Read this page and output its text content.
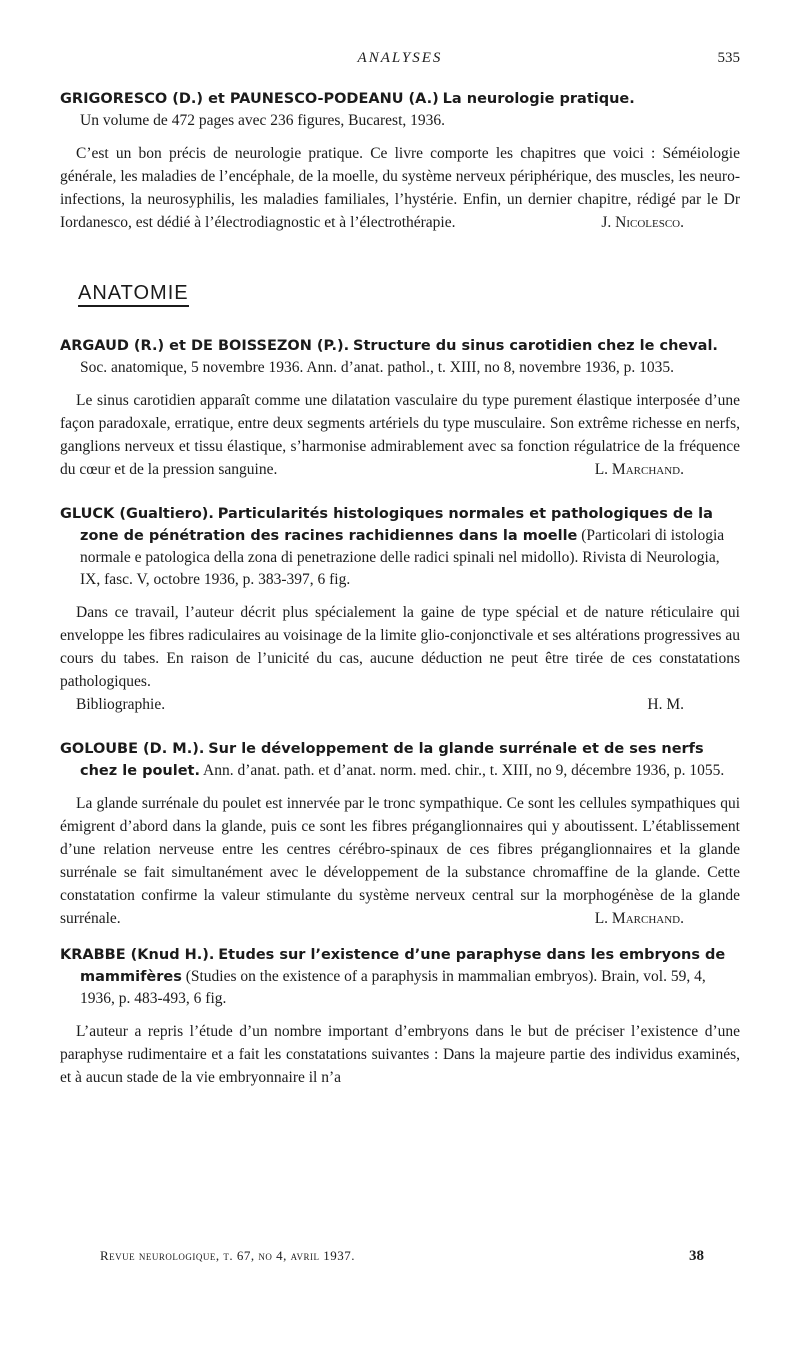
ANALYSES	535
GRIGORESCO (D.) et PAUNESCO-PODEANU (A.) La neurologie pratique.
Un volume de 472 pages avec 236 figures, Bucarest, 1936.
C’est un bon précis de neurologie pratique. Ce livre comporte les chapitres que voici : Séméiologie générale, les maladies de l’encéphale, de la moelle, du système nerveux périphérique, des muscles, les neuro-infections, la neurosyphilis, les maladies familiales, l’hystérie. Enfin, un dernier chapitre, rédigé par le Dr Iordanesco, est dédié à l’électrodiagnostic et à l’électrothérapie.	J. Nicolesco.
ANATOMIE
ARGAUD (R.) et DE BOISSEZON (P.). Structure du sinus carotidien chez le cheval. Soc. anatomique, 5 novembre 1936. Ann. d’anat. pathol., t. XIII, no 8, novembre 1936, p. 1035.
Le sinus carotidien apparaît comme une dilatation vasculaire du type purement élastique interposée d’une façon paradoxale, erratique, entre deux segments artériels du type musculaire. Son extrême richesse en nerfs, ganglions nerveux et tissu élastique, s’harmonise admirablement avec sa fonction régulatrice de la fréquence du cœur et de la pression sanguine.	L. Marchand.
GLUCK (Gualtiero). Particularités histologiques normales et pathologiques de la zone de pénétration des racines rachidiennes dans la moelle (Particolari di istologia normale e patologica della zona di penetrazione delle radici spinali nel midollo). Rivista di Neurologia, IX, fasc. V, octobre 1936, p. 383-397, 6 fig.
Dans ce travail, l’auteur décrit plus spécialement la gaine de type spécial et de nature réticulaire qui enveloppe les fibres radiculaires au voisinage de la limite glio-conjonctivale et ses altérations progressives au cours du tabes. En raison de l’unicité du cas, aucune déduction ne peut être tirée de ces constatations pathologiques.
Bibliographie.	H. M.
GOLOUBE (D. M.). Sur le développement de la glande surrénale et de ses nerfs chez le poulet. Ann. d’anat. path. et d’anat. norm. med. chir., t. XIII, no 9, décembre 1936, p. 1055.
La glande surrénale du poulet est innervée par le tronc sympathique. Ce sont les cellules sympathiques qui émigrent d’abord dans la glande, puis ce sont les fibres préganglionnaires qui y aboutissent. L’établissement d’une relation nerveuse entre les centres cérébro-spinaux de ces fibres préganglionnaires et la glande surrénale se fait simultanément avec le développement de la substance chromaffine de la glande. Cette constatation confirme la valeur stimulante du système nerveux central sur la morphogénèse de la glande surrénale.	L. Marchand.
KRABBE (Knud H.). Etudes sur l’existence d’une paraphyse dans les embryons de mammifères (Studies on the existence of a paraphysis in mammalian embryos). Brain, vol. 59, 4, 1936, p. 483-493, 6 fig.
L’auteur a repris l’étude d’un nombre important d’embryons dans le but de préciser l’existence d’une paraphyse rudimentaire et a fait les constatations suivantes : Dans la majeure partie des individus examinés, et à aucun stade de la vie embryonnaire il n’a
Revue neurologique, t. 67, no 4, avril 1937.	38
